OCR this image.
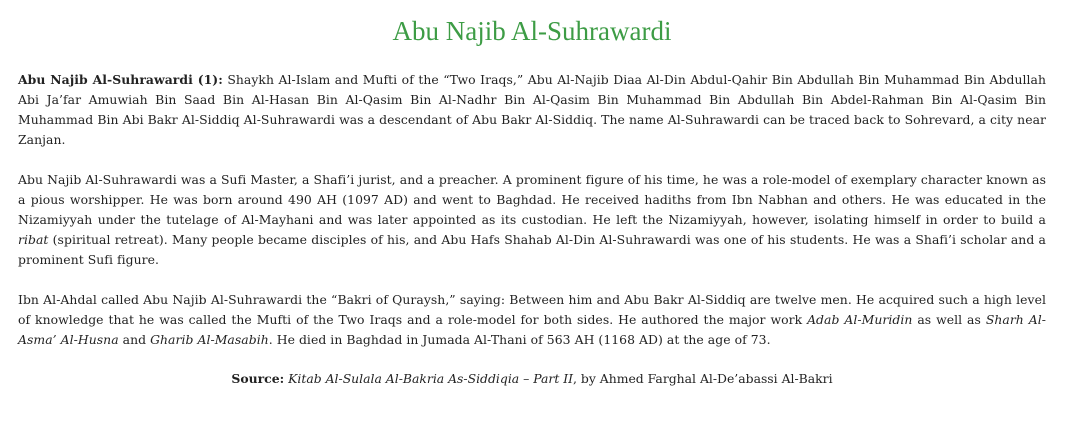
Abu Najib Al-Suhrawardi

Abu Najib Al-Suhrawardi (1): Shaykh Al-Islam and Mufti of the “Two Iraqs,” Abu Al-Najib Diaa Al-Din Abdul-Qahir Bin Abdullah Bin Muhammad Bin Abdullah Abi Ja’far Amuwiah Bin Saad Bin Al-Hasan Bin Al-Qasim Bin Al-Nadhr Bin Al-Qasim Bin Muhammad Bin Abdullah Bin Abdel-Rahman Bin Al-Qasim Bin Muhammad Bin Abi Bakr Al-Siddiq Al-Suhrawardi was a descendant of Abu Bakr Al-Siddiq. The name Al-Suhrawardi can be traced back to Sohrevard, a city near Zanjan.

Abu Najib Al-Suhrawardi was a Sufi Master, a Shafi’i jurist, and a preacher. A prominent figure of his time, he was a role-model of exemplary character known as a pious worshipper. He was born around 490 AH (1097 AD) and went to Baghdad. He received hadiths from Ibn Nabhan and others. He was educated in the Nizamiyyah under the tutelage of Al-Mayhani and was later appointed as its custodian. He left the Nizamiyyah, however, isolating himself in order to build a ribat (spiritual retreat). Many people became disciples of his, and Abu Hafs Shahab Al-Din Al-Suhrawardi was one of his students. He was a Shafi’i scholar and a prominent Sufi figure.

Ibn Al-Ahdal called Abu Najib Al-Suhrawardi the “Bakri of Quraysh,” saying: Between him and Abu Bakr Al-Siddiq are twelve men. He acquired such a high level of knowledge that he was called the Mufti of the Two Iraqs and a role-model for both sides. He authored the major work Adab Al-Muridin as well as Sharh Al-Asma’ Al-Husna and Gharib Al-Masabih. He died in Baghdad in Jumada Al-Thani of 563 AH (1168 AD) at the age of 73.

Source: Kitab Al-Sulala Al-Bakria As-Siddiqia – Part II, by Ahmed Farghal Al-De’abassi Al-Bakri
